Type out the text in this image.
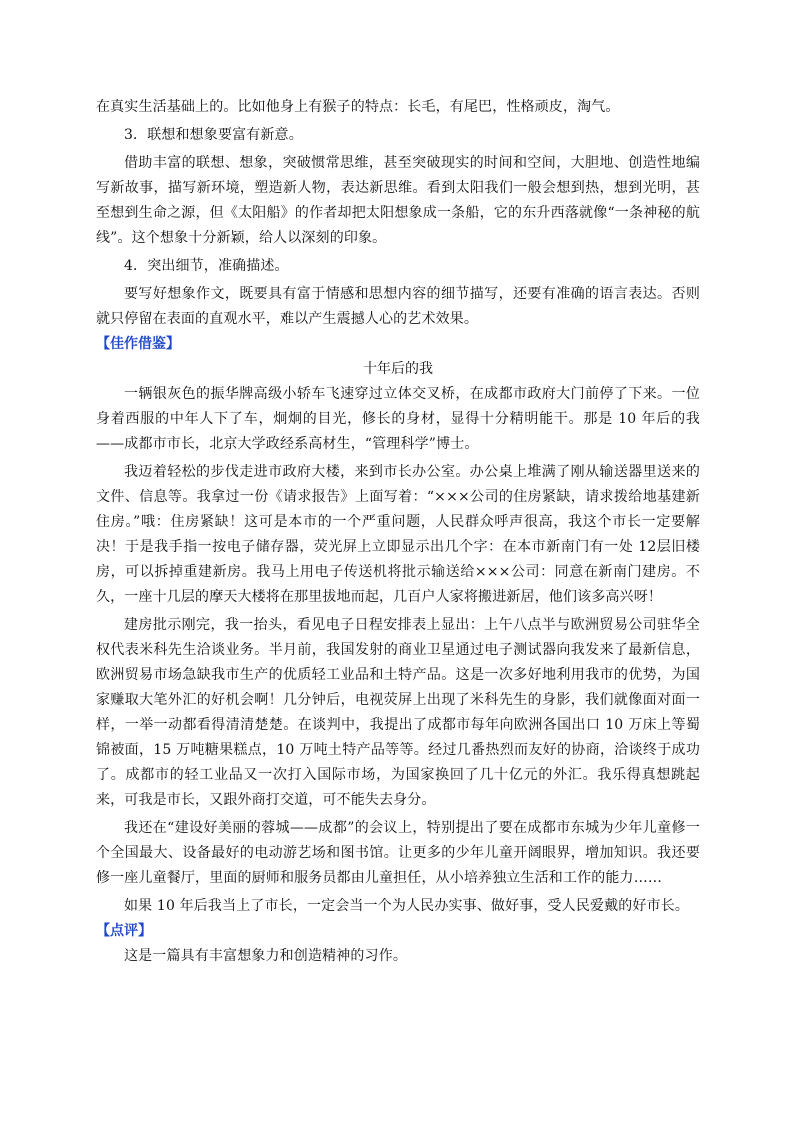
在真实生活基础上的。比如他身上有猴子的特点：长毛，有尾巴，性格顽皮，淘气。

3．联想和想象要富有新意。

借助丰富的联想、想象，突破惯常思维，甚至突破现实的时间和空间，大胆地、创造性地编写新故事，描写新环境，塑造新人物，表达新思维。看到太阳我们一般会想到热，想到光明，甚至想到生命之源，但《太阳船》的作者却把太阳想象成一条船，它的东升西落就像“一条神秘的航线”。这个想象十分新颖，给人以深刻的印象。

4．突出细节，准确描述。

要写好想象作文，既要具有富于情感和思想内容的细节描写，还要有准确的语言表达。否则就只停留在表面的直观水平，难以产生震撼人心的艺术效果。

【佳作借鉴】

十年后的我

一辆银灰色的振华牌高级小轿车飞速穿过立体交叉桥，在成都市政府大门前停了下来。一位身着西服的中年人下了车，炯炯的目光，修长的身材，显得十分精明能干。那是 10 年后的我——成都市市长，北京大学政经系高材生，“管理科学”博士。

我迈着轻松的步伐走进市政府大楼，来到市长办公室。办公桌上堆满了刚从输送器里送来的文件、信息等。我拿过一份《请求报告》上面写着：“×××公司的住房紧缺，请求拨给地基建新住房。”哦：住房紧缺！这可是本市的一个严重问题，人民群众呼声很高，我这个市长一定要解决！于是我手指一按电子储存器，荧光屏上立即显示出几个字：在本市新南门有一处 12层旧楼房，可以拆掉重建新房。我马上用电子传送机将批示输送给×××公司：同意在新南门建房。不久，一座十几层的摩天大楼将在那里拔地而起，几百户人家将搬进新居，他们该多高兴呀！

建房批示刚完，我一抬头，看见电子日程安排表上显出：上午八点半与欧洲贸易公司驻华全权代表米科先生洽谈业务。半月前，我国发射的商业卫星通过电子测试器向我发来了最新信息，欧洲贸易市场急缺我市生产的优质轻工业品和土特产品。这是一次多好地利用我市的优势，为国家赚取大笔外汇的好机会啊！几分钟后，电视荧屏上出现了米科先生的身影，我们就像面对面一样，一举一动都看得清清楚楚。在谈判中，我提出了成都市每年向欧洲各国出口 10 万床上等蜀锦被面，15 万吨糖果糕点，10 万吨土特产品等等。经过几番热烈而友好的协商，洽谈终于成功了。成都市的轻工业品又一次打入国际市场，为国家换回了几十亿元的外汇。我乐得真想跳起来，可我是市长，又跟外商打交道，可不能失去身分。

我还在“建设好美丽的蓉城——成都”的会议上，特别提出了要在成都市东城为少年儿童修一个全国最大、设备最好的电动游艺场和图书馆。让更多的少年儿童开阔眼界，增加知识。我还要修一座儿童餐厅，里面的厨师和服务员都由儿童担任，从小培养独立生活和工作的能力……

如果 10 年后我当上了市长，一定会当一个为人民办实事、做好事，受人民爱戴的好市长。

【点评】

这是一篇具有丰富想象力和创造精神的习作。
